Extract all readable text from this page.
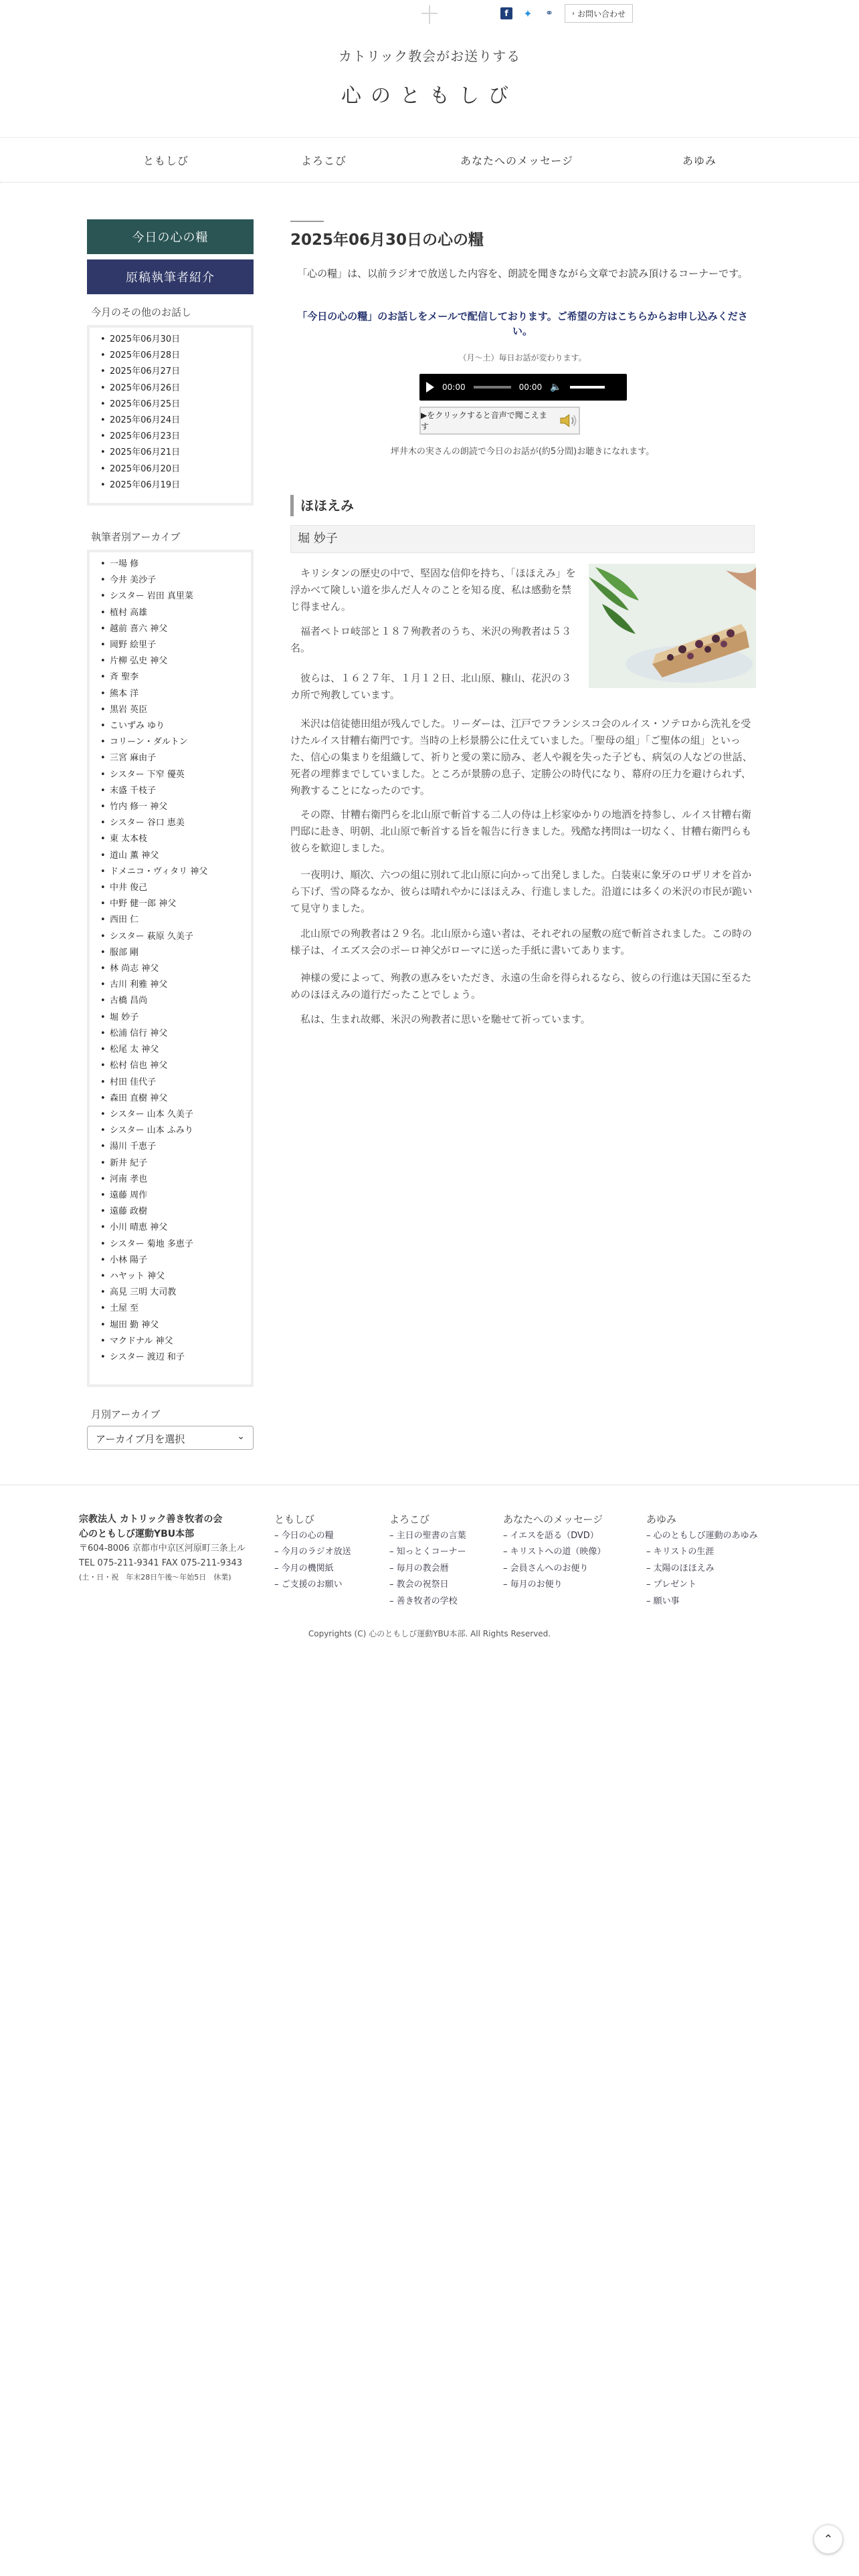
f	✦ ⚭	› お問い合わせ
カトリック教会がお送りする
心のともしび
ともしび	よろこび	あなたへのメッセージ	あゆみ
今日の心の糧
原稿執筆者紹介
今月のその他のお話し
• 2025年06月30日
• 2025年06月28日
• 2025年06月27日
• 2025年06月26日
• 2025年06月25日
• 2025年06月24日
• 2025年06月23日
• 2025年06月21日
• 2025年06月20日
• 2025年06月19日
執筆者別アーカイブ
• 一場 修
• 今井 美沙子
• シスター 岩田 真里菜
• 植村 高雄
• 越前 喜六 神父
• 岡野 絵里子
• 片柳 弘史 神父
• 斉 聖李
• 熊本 洋
• 黒岩 英臣
• こいずみ ゆり
• コリーン・ダルトン
• 三宮 麻由子
• シスター 下窄 優英
• 末盛 千枝子
• 竹内 修一 神父
• シスター 谷口 恵美
• 東 太本枝
• 道山 薫 神父
• ドメニコ・ヴィタリ 神父
• 中井 俊己
• 中野 健一郎 神父
• 西田 仁
• シスター 萩原 久美子
• 服部 剛
• 林 尚志 神父
• 古川 利雅 神父
• 古橋 昌尚
• 堀 妙子
• 松浦 信行 神父
• 松尾 太 神父
• 松村 信也 神父
• 村田 佳代子
• 森田 直樹 神父
• シスター 山本 久美子
• シスター 山本 ふみり
• 湯川 千恵子
• 新井 紀子
• 河南 孝也
• 遠藤 周作
• 遠藤 政樹
• 小川 晴恵 神父
• シスター 菊地 多恵子
• 小林 陽子
• ハヤット 神父
• 高見 三明 大司教
• 土屋 至
• 堀田 勤 神父
• マクドナル 神父
• シスター 渡辺 和子
月別アーカイブ
アーカイブ月を選択	⌄
2025年06月30日の心の糧

「心の糧」は、以前ラジオで放送した内容を、朗読を聞きながら文章でお読み頂けるコーナーです。

「今日の心の糧」のお話しをメールで配信しております。ご希望の方はこちらからお申し込みください。

（月〜土）毎日お話が変わります。

00:00	00:00 🔈
▶をクリックすると音声で聞こえます

坪井木の実さんの朗読で今日のお話が(約5分間)お聴きになれます。

ほほえみ
堀 妙子

キリシタンの歴史の中で、堅固な信仰を持ち、「ほほえみ」を浮かべて険しい道を歩んだ人々のことを知る度、私は感動を禁じ得ません。

福者ペトロ岐部と１８７殉教者のうち、米沢の殉教者は５３名。

彼らは、１６２７年、１月１２日、北山原、糠山、花沢の３カ所で殉教しています。

米沢は信徒徳田組が残んでした。リーダーは、江戸でフランシスコ会のルイス・ソテロから洗礼を受けたルイス甘糟右衛門です。当時の上杉景勝公に仕えていました。「聖母の組」「ご聖体の組」といった、信心の集まりを組織して、祈りと愛の業に励み、老人や親を失った子ども、病気の人などの世話、死者の埋葬までしていました。ところが景勝の息子、定勝公の時代になり、幕府の圧力を避けられず、殉教することになったのです。

その際、甘糟右衛門らを北山原で斬首する二人の侍は上杉家ゆかりの地酒を持参し、ルイス甘糟右衛門邸に赴き、明朝、北山原で斬首する旨を報告に行きました。残酷な拷問は一切なく、甘糟右衛門らも彼らを歓迎しました。

一夜明け、順次、六つの組に別れて北山原に向かって出発しました。白装束に象牙のロザリオを首から下げ、雪の降るなか、彼らは晴れやかにほほえみ、行進しました。沿道には多くの米沢の市民が跪いて見守りました。

北山原での殉教者は２９名。北山原から遠い者は、それぞれの屋敷の庭で斬首されました。この時の様子は、イエズス会のポーロ神父がローマに送った手紙に書いてあります。

神様の愛によって、殉教の恵みをいただき、永遠の生命を得られるなら、彼らの行進は天国に至るためのほほえみの道行だったことでしょう。

私は、生まれ故郷、米沢の殉教者に思いを馳せて祈っています。

宗教法人 カトリック善き牧者の会
心のともしび運動YBU本部
〒604-8006 京都市中京区河原町三条上ル
TEL 075-211-9341 FAX 075-211-9343
(土・日・祝　年末28日午後〜年始5日　休業)
ともしび
– 今日の心の糧
– 今月のラジオ放送
– 今月の機関紙
– ご支援のお願い
よろこび
– 主日の聖書の言葉
– 知っとくコーナー
– 毎月の教会暦
– 教会の祝祭日
– 善き牧者の学校
あなたへのメッセージ
– イエスを語る（DVD）
– キリストへの道（映像）
– 会員さんへのお便り
– 毎月のお便り
あゆみ
– 心のともしび運動のあゆみ
– キリストの生涯
– 太陽のほほえみ
– プレゼント
– 願い事
Copyrights (C) 心のともしび運動YBU本部. All Rights Reserved.
⌃
